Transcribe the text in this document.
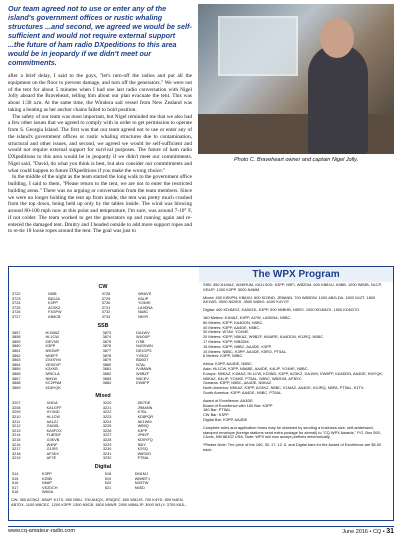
Our team agreed not to use or enter any of the island's government offices or rustic whaling structures ...and second, we agreed we would be self-sufficient and would not require external support ...the future of ham radio DXpeditions to this area would be in jeopardy if we didn't meet our commitments.

after a brief delay, I said to the guys, "let's turn-off the radios and put all the equipment on the floor to prevent damage, and turn off the generators." We were out of the tent for about 5 minutes when I had one last radio conversation with Nigel Jolly aboard the Braveheart, telling him about our plan evacuate the tent. This was about 1:30 a.m. At the same time, the Windora sail vessel from New Zealand was taking a beating as her anchor chains failed to hold position.

The safety of our team was most important, but Nigel reminded me that we also had a few other issues that we agreed to comply with in order to get permission to operate from S. Georgia Island. The first was that our team agreed not to use or enter any of the island's government offices or rustic whaling structures due to contamination, structural and other issues, and second, we agreed we would be self-sufficient and would not require external support for survival purposes. The future of ham radio DXpeditions to this area would be in jeopardy if we didn't meet our commitments. Nigel said, "David, do what you think is best, but also consider our commitments and what could happen to future DXpeditions if you make the wrong choice."

In the middle of the night as the team started the long walk to the government office building, I said to them, "Please return to the tent, we are not to enter the restricted building areas." There was no arguing or conversation from the team members. Since we were no longer holding the tent up from inside, the tent was pretty much crushed from the top down, being held up only by the tables inside. The wind was blowing around 80-100 mph now at this point and temperature, I'm sure, was around 7-10° F, if not colder. The team worked to get the generators up and running again and re-entered the damaged tent. Dmitry and I headed outside to add more support ropes and to re-tie 18 loose ropes around the tent. The goal was just to

Photo C. Braveheart owner and captain Nigel Jolly.

The WPX Program
CW
3722	N5IB	3728	WK6VS
3723	BD2JA	3729	K6LIP
3724	K3PP	3730	YO4HE
3725	AC5KZ	3731	LA9DNA
3726	F4GPW	3732	NU8C
3727	KB8CB	3733	N6YR
SSB
3857	IK1WAZ	3873	DA1WV
3858	HL1CW	3874	WU0UP
3859	I0EVVB	3875	IY5B
3860	K3PP	3876	N4GKWN
3861	N9GWP	3877	DE1OPS
3862	IW3IFF	3878	YV5GZ
3863	ZX4SYM	3879	BD6DT
3864	VE5GVP	3880	N7AL
3865	K3XKB	3881	IV4MWN
3866	IW5CLA	3882	W9BZF
3867	NM1W	3883	N5CEV
3868	KC2PNM	3884	EW8FP
3869	KD8YQK		
Mixed
3207	IV4DA	3220	DB7DE
3208	KA1GFF	3221	JR8ANN
3209	HY4ND	3222	K7BL
3210	HL1CW	3223	KD8PQR
3211	AA1ZJ	3224	AK1WM
3212	GM4SL	3225	WB9Q
3213	KA9FOX	3226	K3PP
3214	FL8RDF	3227	JP8VF
3215	G3KVB	3228	KD5YFQ
3216	W4NF	3229	N5IY
3217	G1ISS	3230	K2SQ
3218	AF3DX	3231	W8SXD
3219	AF7E	3232	PT5AL
Digital
514	K3PP	518	DM1MJ
515	KD5B	519	WB9EFJ
516	N5AP	520	ND5TW
517	VE2DCH	521	N6SD
518	W8GA		

CW: 350 AC5KZ, N5UP, K1TX. 550 N5IU. 700 AI4QX, JR3QEC. 600 W8JJS. 700 K4YD. 800 N4EN, AB7DX. 1100 W8CEC. 1200 K3PP. 1300 N5CB. 1800 N5WR. 2000 WB8LJP. 3000 W1LY. 3700 K8JL.

SSB: 350 N1MAZ, W4KRUM, KA1LS0D, K3PP, N5FI, WB2DM. 600 KB8XU, K5BB. 1000 WB3B, N1CP, XE4JP. 1200 K3PP. 3000 N4MM.

Mixed: 400 KI5VPN, KB8XU. 600 KD3ND, JR8ANN. 700 WB9DW. 1000 AB2LDA. 1500 N1ZT. 1800 AK1WS. 3000 N6XKS. 3500 WA5G. 6100 K4YOT.

Digital: 400 KD4MXZ, KA5KZK, K3PP. 500 N5BHB, N5RO. 1000 KD4MZX. 1500 KD5GTO.

160 Meters: K1MAZ, K3PP, AI7W, LA9DNA, N5BC.
80 Meters: K3PP, KA4DDN, N5BC.
40 Meters: K3PP, AA4DE, N5BC.
30 Meters: W7AV, YO4HE.
20 Meters: K3PP, N5KAZ, W9BZF, KI6ARR, KA4DDN, K0JRQ, N5BC.
17 Meters: K3PP, WB2DM.
15 Meters: K3PP, N5BC, AA4DE, K3PP.
10 Meters: N5BC, K3PP, AA4DE, K5RO, PT5AL.
6 Meters: K3PP, N5BC.

Africa: K3PP, AA4DE, N5BC.
Asia: HL1CW, K3PP, N5ABE, AA4DE, K4LIP, YO4HE, N5BC.
Europe: N5KAZ, K1MAZ, HL1CW, KD3ND, K3PP, AC5KZ, DA1WV, EW8FP, KA4DDN, AA4DE, KI0YQK, N5KAZ, K4LIP, YO4HE, PT5AL, N5BC, WB2DM, AF3DX.
Oceania: K3PP, N5BC, AA4DE, N5KAZ.
North America: N5KAZ, K3PP, AC5KZ, N5BC, K1MAZ, AA4DE, K0JRQ, N5PA, PT5AL, K1TX.
South America: K3PP, AA4DE, N5BC, PT5AL.

Award of Excellence: AA4DE
Board of Excellence with 160 Bar: K3PP
160 Bar: PT5AL
CW Bar: K3PP
Digital Bar: K3PP, AA4DE

Complete rules and application forms may be obtained by sending a business-size, self-addressed, stamped envelope (foreign stations send extra postage for airmail) to "CQ WPX Awards," P.O. Box 593, Clovis, NM 88102 USA. Note: WPX will now accept prefixes electronically.

*Please Note: The price of the 160, 30, 17, 12, 6, and Digital bars for the Award of Excellence are $5.00 each.

www.cq-amateur-radio.com	June 2016 • CQ • 31
